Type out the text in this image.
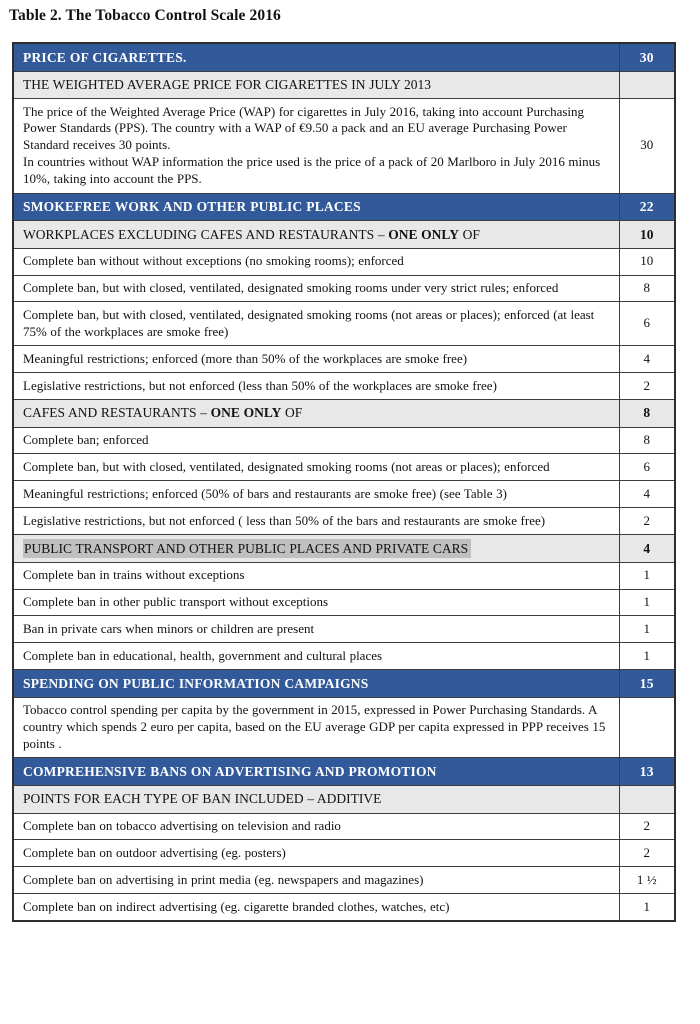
Table 2. The Tobacco Control Scale 2016
PRICE OF CIGARETTES.	30

THE WEIGHTED AVERAGE PRICE FOR CIGARETTES IN JULY 2013	

The price of the Weighted Average Price (WAP) for cigarettes in July 2016, taking into account Purchasing Power Standards (PPS). The country with a WAP of €9.50 a pack and an EU average Purchasing Power Standard receives 30 points.
In countries without WAP information the price used is the price of a pack of 20 Marlboro in July 2016 minus 10%, taking into account the PPS.	30

SMOKEFREE WORK AND OTHER PUBLIC PLACES	22

WORKPLACES EXCLUDING CAFES AND RESTAURANTS – ONE ONLY OF	10

Complete ban without without exceptions (no smoking rooms); enforced	10

Complete ban, but with closed, ventilated, designated smoking rooms under very strict rules; enforced	8

Complete ban, but with closed, ventilated, designated smoking rooms (not areas or places); enforced (at least 75% of the workplaces are smoke free)	6

Meaningful restrictions; enforced (more than 50% of the workplaces are smoke free)	4

Legislative restrictions, but not enforced (less than 50% of the workplaces are smoke free)	2

CAFES AND RESTAURANTS – ONE ONLY OF	8

Complete ban; enforced	8

Complete ban, but with closed, ventilated, designated smoking rooms (not areas or places); enforced	6

Meaningful restrictions; enforced (50% of bars and restaurants are smoke free) (see Table 3)	4

Legislative restrictions, but not enforced ( less than 50% of the bars and restaurants are smoke free)	2

PUBLIC TRANSPORT AND OTHER PUBLIC PLACES AND PRIVATE CARS	4

Complete ban in trains without exceptions	1

Complete ban in other public transport without exceptions	1

Ban in private cars when minors or children are present	1

Complete ban in educational, health, government and cultural places	1

SPENDING ON PUBLIC INFORMATION CAMPAIGNS	15

Tobacco control spending per capita by the government in 2015, expressed in Power Purchasing Standards. A country which spends 2 euro per capita, based on the EU average GDP per capita expressed in PPP receives 15 points .	

COMPREHENSIVE BANS ON ADVERTISING AND PROMOTION	13

POINTS FOR EACH TYPE OF BAN INCLUDED – ADDITIVE	

Complete ban on tobacco advertising on television and radio	2

Complete ban on outdoor advertising (eg. posters)	2

Complete ban on advertising in print media (eg. newspapers and magazines)	1 ½

Complete ban on indirect advertising (eg. cigarette branded clothes, watches, etc)	1
